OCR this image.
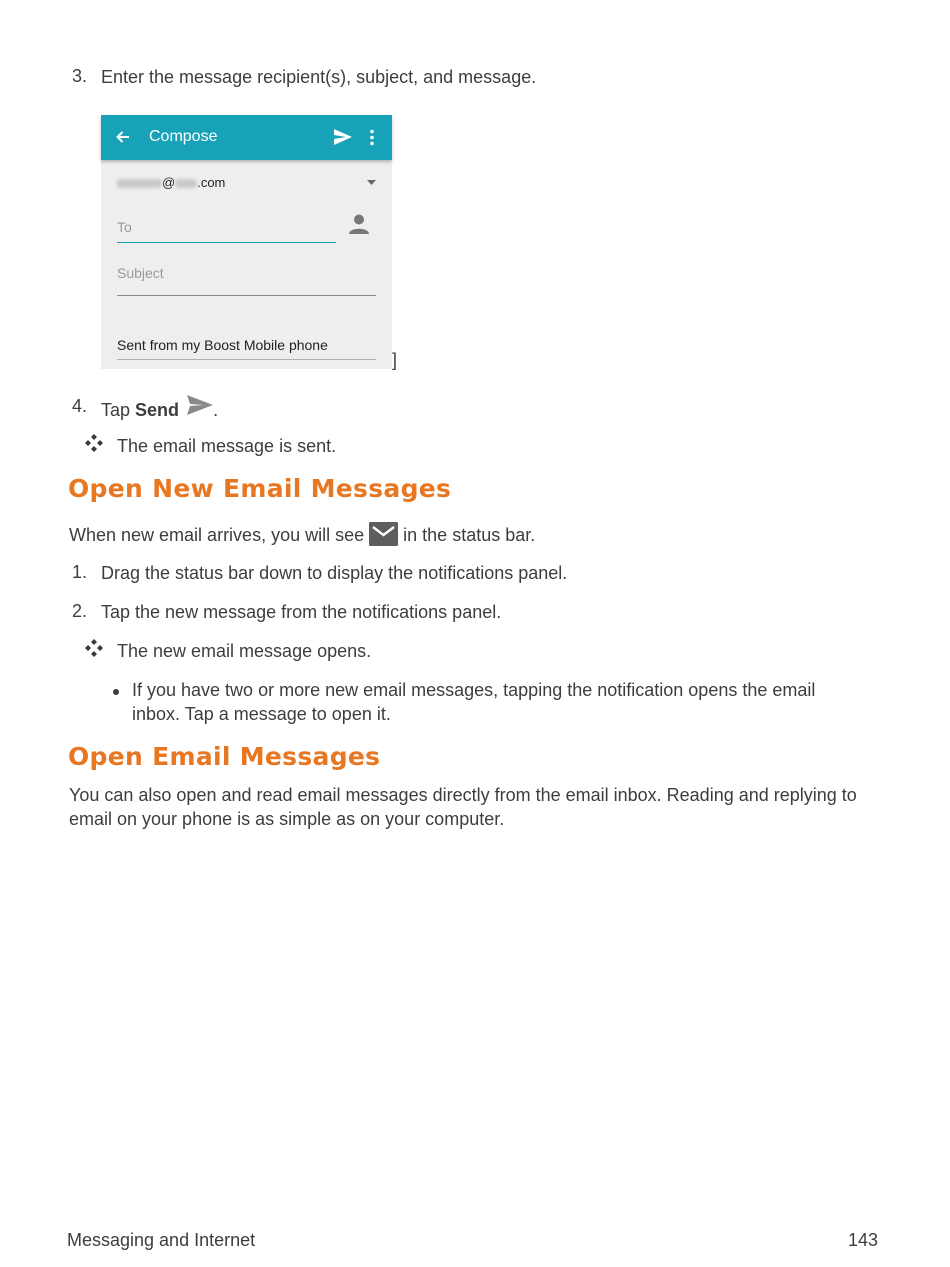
3. Enter the message recipient(s), subject, and message.
Compose
@ .com
To
Subject
Sent from my Boost Mobile phone
]
4. Tap Send .
The email message is sent.
Open New Email Messages
When new email arrives, you will see in the status bar.
1. Drag the status bar down to display the notifications panel.
2. Tap the new message from the notifications panel.
The new email message opens.
If you have two or more new email messages, tapping the notification opens the email
inbox. Tap a message to open it.
Open Email Messages
You can also open and read email messages directly from the email inbox. Reading and replying to
email on your phone is as simple as on your computer.
Messaging and Internet	143
